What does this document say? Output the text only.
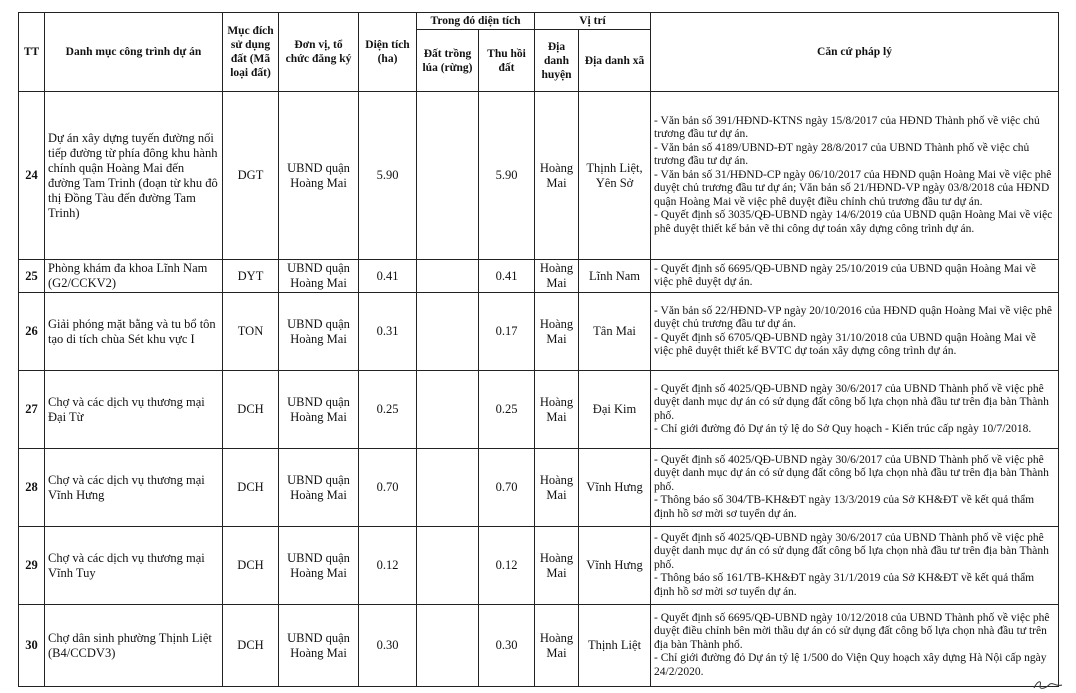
TT	Danh mục công trình dự án	Mục đích sử dụng đất (Mã loại đất)	Đơn vị, tổ chức đăng ký	Diện tích (ha)	Trong đó diện tích		Vị trí		Căn cứ pháp lý
					Đất trồng lúa (rừng)	Thu hồi đất	Địa danh huyện	Địa danh xã	
24	Dự án xây dựng tuyến đường nối tiếp đường từ phía đông khu hành chính quận Hoàng Mai đến đường Tam Trinh (đoạn từ khu đô thị Đồng Tàu đến đường Tam Trinh)	DGT	UBND quận Hoàng Mai	5.90		5.90	Hoàng Mai	Thịnh Liệt, Yên Sở	- Văn bản số 391/HĐND-KTNS ngày 15/8/2017 của HĐND Thành phố về việc chủ trương đầu tư dự án.
- Văn bản số 4189/UBND-ĐT ngày 28/8/2017 của UBND Thành phố về việc chủ trương đầu tư dự án.
- Văn bản số 31/HĐND-CP ngày 06/10/2017 của HĐND quận Hoàng Mai về việc phê duyệt chủ trương đầu tư dự án; Văn bản số 21/HĐND-VP ngày 03/8/2018 của HĐND quận Hoàng Mai về việc phê duyệt điều chỉnh chủ trương đầu tư dự án.
- Quyết định số 3035/QĐ-UBND ngày 14/6/2019 của UBND quận Hoàng Mai về việc phê duyệt thiết kế bản vẽ thi công dự toán xây dựng công trình dự án.

25	Phòng khám đa khoa Lĩnh Nam (G2/CCKV2)	DYT	UBND quận Hoàng Mai	0.41		0.41	Hoàng Mai	Lĩnh Nam	- Quyết định số 6695/QĐ-UBND ngày 25/10/2019 của UBND quận Hoàng Mai về việc phê duyệt dự án.

26	Giải phóng mặt bằng và tu bổ tôn tạo di tích chùa Sét khu vực I	TON	UBND quận Hoàng Mai	0.31		0.17	Hoàng Mai	Tân Mai	- Văn bản số 22/HĐND-VP ngày 20/10/2016 của HĐND quận Hoàng Mai về việc phê duyệt chủ trương đầu tư dự án.
- Quyết định số 6705/QĐ-UBND ngày 31/10/2018 của UBND quận Hoàng Mai về việc phê duyệt thiết kế BVTC dự toán xây dựng công trình dự án.

27	Chợ và các dịch vụ thương mại Đại Từ	DCH	UBND quận Hoàng Mai	0.25		0.25	Hoàng Mai	Đại Kim	- Quyết định số 4025/QĐ-UBND ngày 30/6/2017 của UBND Thành phố về việc phê duyệt danh mục dự án có sử dụng đất công bố lựa chọn nhà đầu tư trên địa bàn Thành phố.
- Chỉ giới đường đỏ Dự án tỷ lệ do Sở Quy hoạch - Kiến trúc cấp ngày 10/7/2018.

28	Chợ và các dịch vụ thương mại Vĩnh Hưng	DCH	UBND quận Hoàng Mai	0.70		0.70	Hoàng Mai	Vĩnh Hưng	- Quyết định số 4025/QĐ-UBND ngày 30/6/2017 của UBND Thành phố về việc phê duyệt danh mục dự án có sử dụng đất công bố lựa chọn nhà đầu tư trên địa bàn Thành phố.
- Thông báo số 304/TB-KH&ĐT ngày 13/3/2019 của Sở KH&ĐT về kết quả thẩm định hồ sơ mời sơ tuyển dự án.

29	Chợ và các dịch vụ thương mại Vĩnh Tuy	DCH	UBND quận Hoàng Mai	0.12		0.12	Hoàng Mai	Vĩnh Hưng	- Quyết định số 4025/QĐ-UBND ngày 30/6/2017 của UBND Thành phố về việc phê duyệt danh mục dự án có sử dụng đất công bố lựa chọn nhà đầu tư trên địa bàn Thành phố.
- Thông báo số 161/TB-KH&ĐT ngày 31/1/2019 của Sở KH&ĐT về kết quả thẩm định hồ sơ mời sơ tuyển dự án.

30	Chợ dân sinh phường Thịnh Liệt (B4/CCDV3)	DCH	UBND quận Hoàng Mai	0.30		0.30	Hoàng Mai	Thịnh Liệt	- Quyết định số 6695/QĐ-UBND ngày 10/12/2018 của UBND Thành phố về việc phê duyệt điều chỉnh bên mời thầu dự án có sử dụng đất công bố lựa chọn nhà đầu tư trên địa bàn Thành phố.
- Chỉ giới đường đỏ Dự án tỷ lệ 1/500 do Viện Quy hoạch xây dựng Hà Nội cấp ngày 24/2/2020.
